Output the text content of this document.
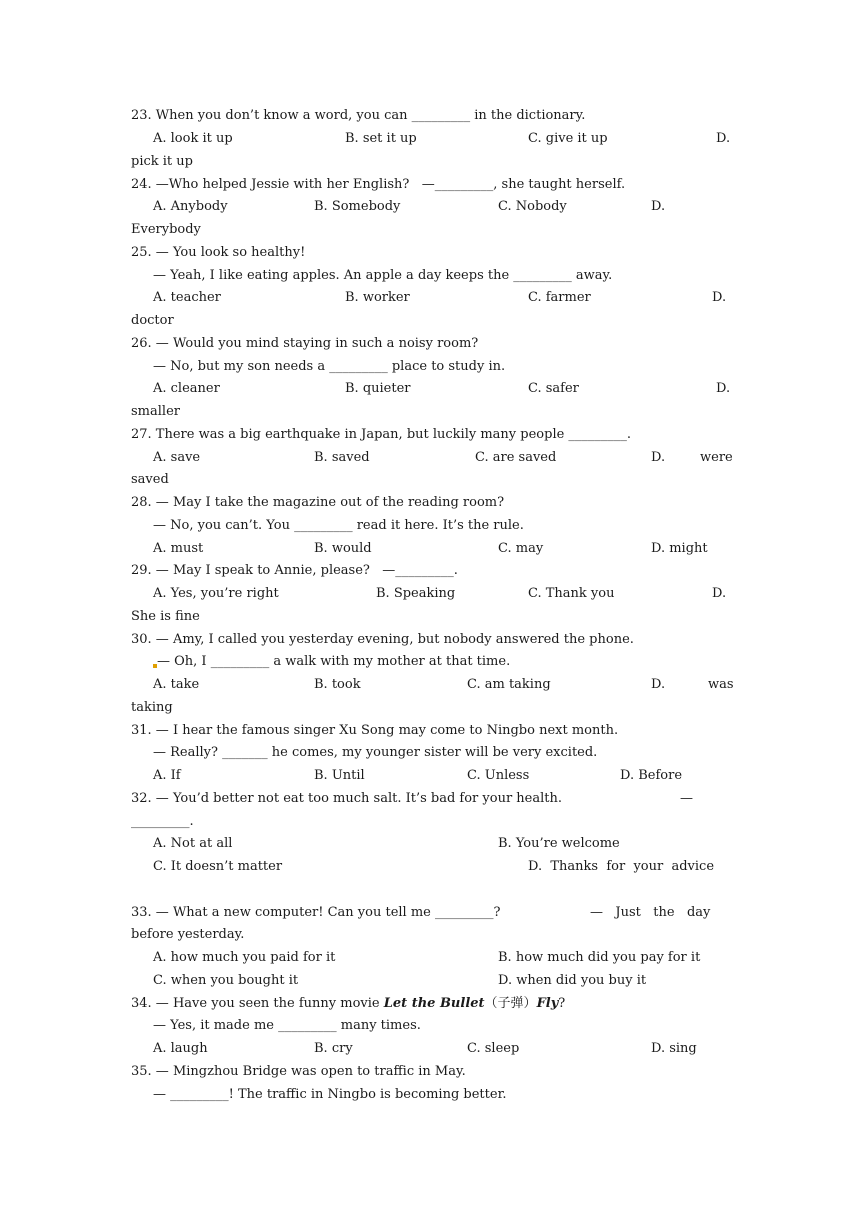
23. When you don’t know a word, you can _________ in the dictionary.
A. look it up	B. set it up	C. give it up	D.
pick it up
24. —Who helped Jessie with her English?   —_________, she taught herself.
A. Anybody	B. Somebody	C. Nobody	D.
Everybody
25. — You look so healthy!
— Yeah, I like eating apples. An apple a day keeps the _________ away.
A. teacher	B. worker	C. farmer	D.
doctor
26. — Would you mind staying in such a noisy room?
— No, but my son needs a _________ place to study in.
A. cleaner	B. quieter	C. safer	D.
smaller
27. There was a big earthquake in Japan, but luckily many people _________.
A. save	B. saved	C. are saved	D.	were
saved
28. — May I take the magazine out of the reading room?
— No, you can’t. You _________ read it here. It’s the rule.
A. must	B. would	C. may	D. might
29. — May I speak to Annie, please?   —_________.
A. Yes, you’re right	B. Speaking	C. Thank you	D.
She is fine
30. — Amy, I called you yesterday evening, but nobody answered the phone.
— Oh, I _________ a walk with my mother at that time.
A. take	B. took	C. am taking	D.	was
taking
31. — I hear the famous singer Xu Song may come to Ningbo next month.
— Really? _______ he comes, my younger sister will be very excited.
A. If	B. Until	C. Unless	D. Before
32. — You’d better not eat too much salt. It’s bad for your health.	—
_________.
A. Not at all	B. You’re welcome
C. It doesn’t matter	D.  Thanks  for  your  advice
33. — What a new computer! Can you tell me _________?	—   Just   the   day
before yesterday.
A. how much you paid for it	B. how much did you pay for it
C. when you bought it	D. when did you buy it
34. — Have you seen the funny movie Let the Bullet（子弹）Fly?
— Yes, it made me _________ many times.
A. laugh	B. cry	C. sleep	D. sing
35. — Mingzhou Bridge was open to traffic in May.
— _________! The traffic in Ningbo is becoming better.
